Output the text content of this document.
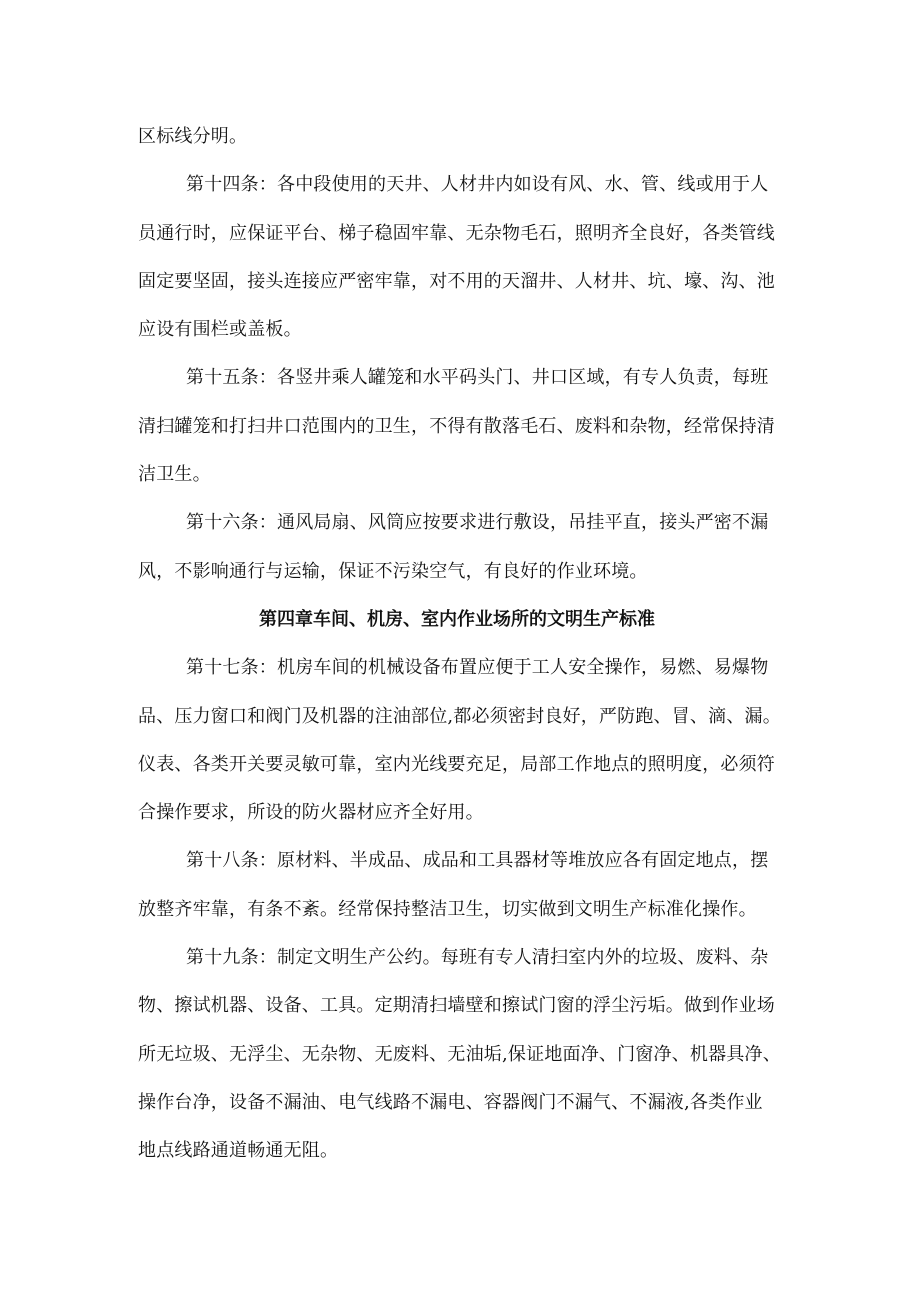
区标线分明。
第十四条：各中段使用的天井、人材井内如设有风、水、管、线或用于人
员通行时，应保证平台、梯子稳固牢靠、无杂物毛石，照明齐全良好，各类管线
固定要坚固，接头连接应严密牢靠，对不用的天溜井、人材井、坑、壕、沟、池
应设有围栏或盖板。
第十五条：各竖井乘人罐笼和水平码头门、井口区域，有专人负责，每班
清扫罐笼和打扫井口范围内的卫生，不得有散落毛石、废料和杂物，经常保持清
洁卫生。
第十六条：通风局扇、风筒应按要求进行敷设，吊挂平直，接头严密不漏
风，不影响通行与运输，保证不污染空气，有良好的作业环境。
第四章车间、机房、室内作业场所的文明生产标准
第十七条：机房车间的机械设备布置应便于工人安全操作，易燃、易爆物
品、压力窗口和阀门及机器的注油部位,都必须密封良好，严防跑、冒、滴、漏。
仪表、各类开关要灵敏可靠，室内光线要充足，局部工作地点的照明度，必须符
合操作要求，所设的防火器材应齐全好用。
第十八条：原材料、半成品、成品和工具器材等堆放应各有固定地点，摆
放整齐牢靠，有条不紊。经常保持整洁卫生，切实做到文明生产标准化操作。
第十九条：制定文明生产公约。每班有专人清扫室内外的垃圾、废料、杂
物、擦试机器、设备、工具。定期清扫墙壁和擦试门窗的浮尘污垢。做到作业场
所无垃圾、无浮尘、无杂物、无废料、无油垢,保证地面净、门窗净、机器具净、
操作台净，设备不漏油、电气线路不漏电、容器阀门不漏气、不漏液,各类作业
地点线路通道畅通无阻。
